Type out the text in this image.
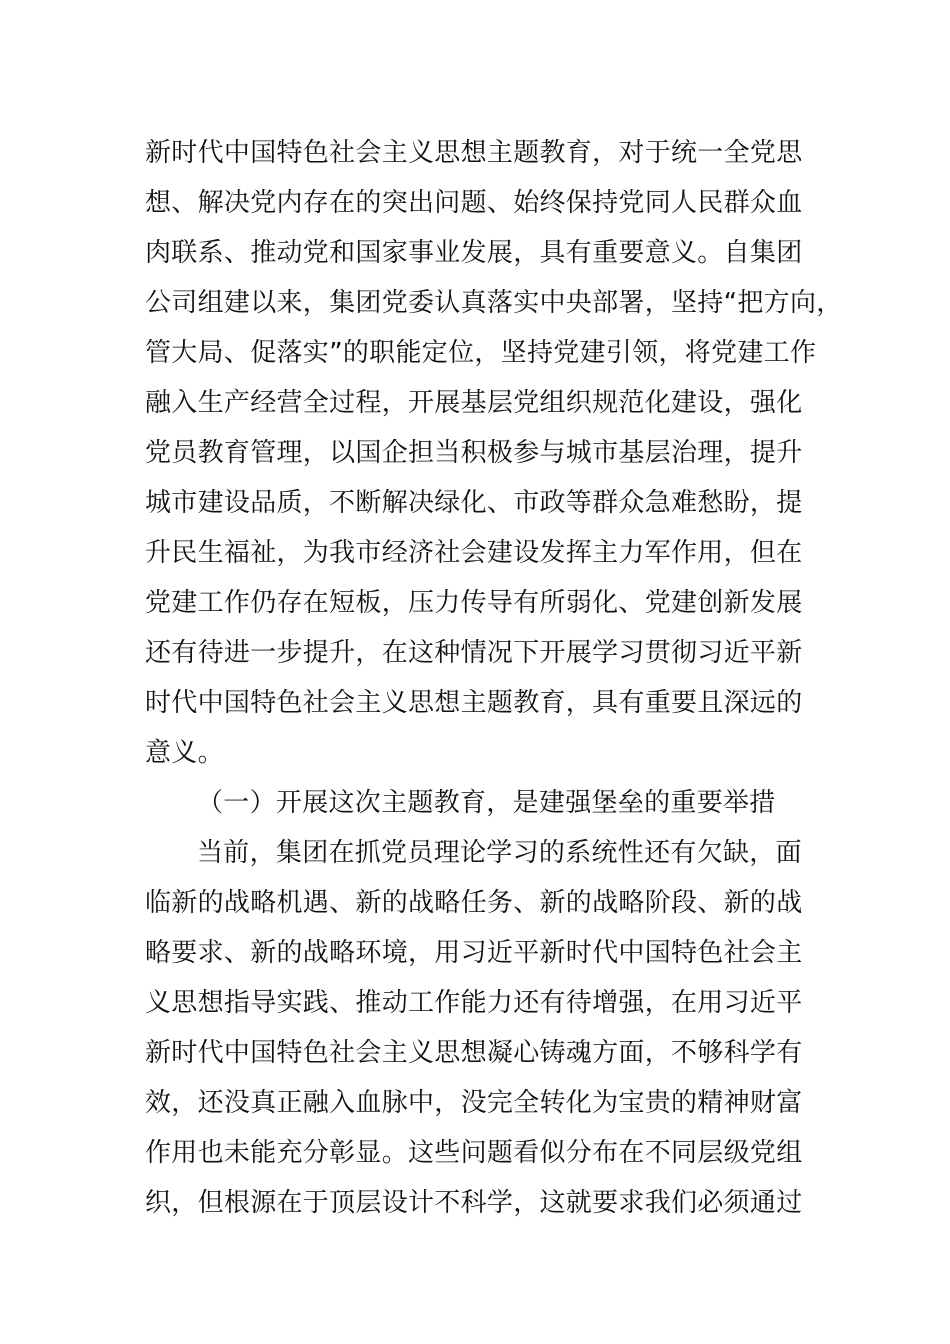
新时代中国特色社会主义思想主题教育，对于统一全党思
想、解决党内存在的突出问题、始终保持党同人民群众血
肉联系、推动党和国家事业发展，具有重要意义。自集团
公司组建以来，集团党委认真落实中央部署，坚持“把方向，
管大局、促落实”的职能定位，坚持党建引领，将党建工作
融入生产经营全过程，开展基层党组织规范化建设，强化
党员教育管理，以国企担当积极参与城市基层治理，提升
城市建设品质，不断解决绿化、市政等群众急难愁盼，提
升民生福祉，为我市经济社会建设发挥主力军作用，但在
党建工作仍存在短板，压力传导有所弱化、党建创新发展
还有待进一步提升，在这种情况下开展学习贯彻习近平新
时代中国特色社会主义思想主题教育，具有重要且深远的
意义。
（一）开展这次主题教育，是建强堡垒的重要举措
当前，集团在抓党员理论学习的系统性还有欠缺，面
临新的战略机遇、新的战略任务、新的战略阶段、新的战
略要求、新的战略环境，用习近平新时代中国特色社会主
义思想指导实践、推动工作能力还有待增强，在用习近平
新时代中国特色社会主义思想凝心铸魂方面，不够科学有
效，还没真正融入血脉中，没完全转化为宝贵的精神财富
作用也未能充分彰显。这些问题看似分布在不同层级党组
织，但根源在于顶层设计不科学，这就要求我们必须通过
